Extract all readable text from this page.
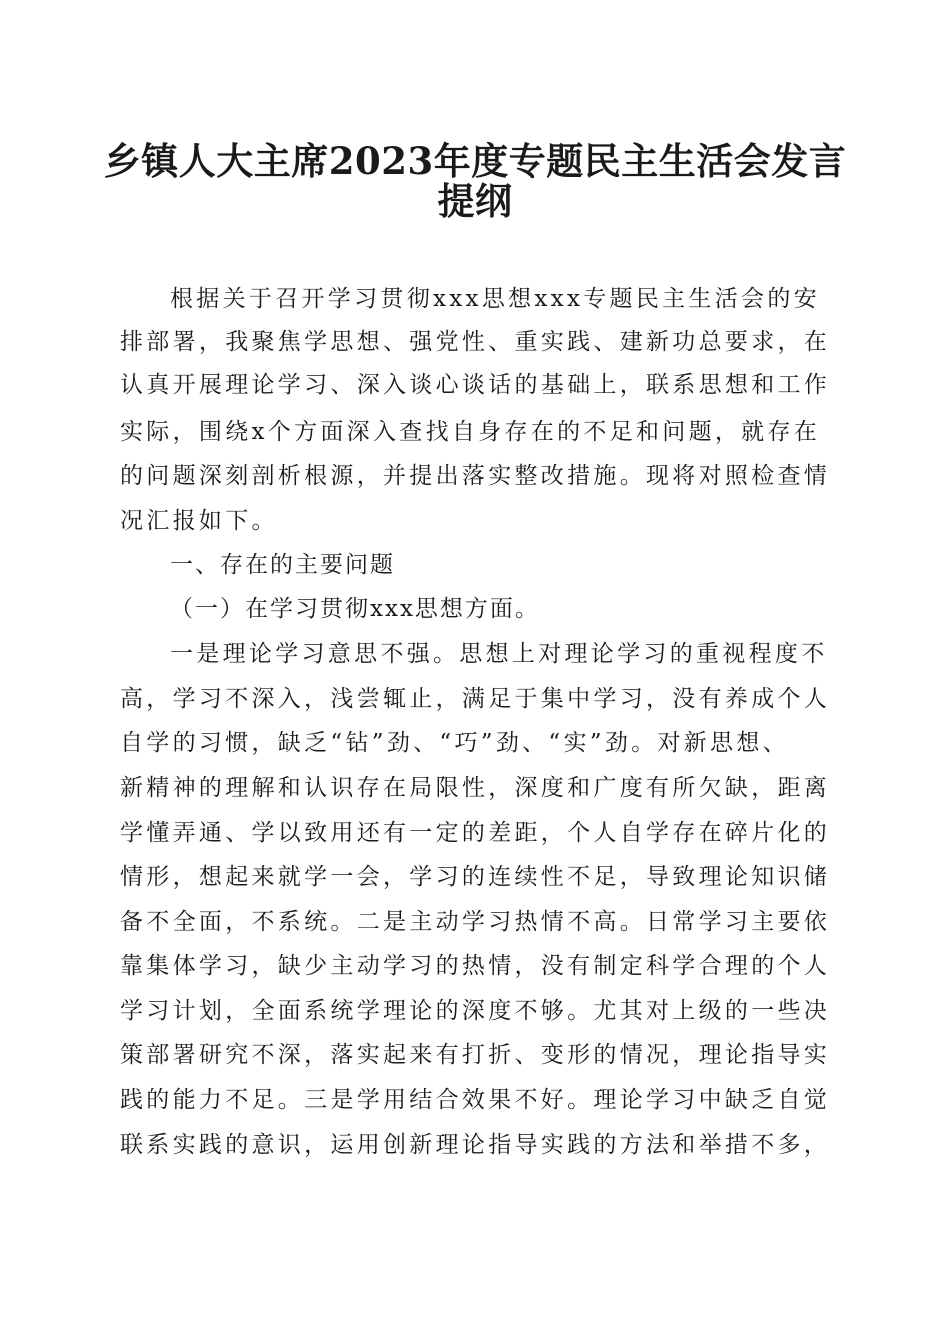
乡镇人大主席2023年度专题民主生活会发言
提纲

根据关于召开学习贯彻xxx思想xxx专题民主生活会的安

排部署，我聚焦学思想、强党性、重实践、建新功总要求，在

认真开展理论学习、深入谈心谈话的基础上，联系思想和工作

实际，围绕x个方面深入查找自身存在的不足和问题，就存在

的问题深刻剖析根源，并提出落实整改措施。现将对照检查情

况汇报如下。

一、存在的主要问题

（一）在学习贯彻xxx思想方面。

一是理论学习意思不强。思想上对理论学习的重视程度不

高，学习不深入，浅尝辄止，满足于集中学习，没有养成个人

自学的习惯，缺乏“钻”劲、“巧”劲、“实”劲。对新思想、

新精神的理解和认识存在局限性，深度和广度有所欠缺，距离

学懂弄通、学以致用还有一定的差距，个人自学存在碎片化的

情形，想起来就学一会，学习的连续性不足，导致理论知识储

备不全面，不系统。二是主动学习热情不高。日常学习主要依

靠集体学习，缺少主动学习的热情，没有制定科学合理的个人

学习计划，全面系统学理论的深度不够。尤其对上级的一些决

策部署研究不深，落实起来有打折、变形的情况，理论指导实

践的能力不足。三是学用结合效果不好。理论学习中缺乏自觉

联系实践的意识，运用创新理论指导实践的方法和举措不多，
